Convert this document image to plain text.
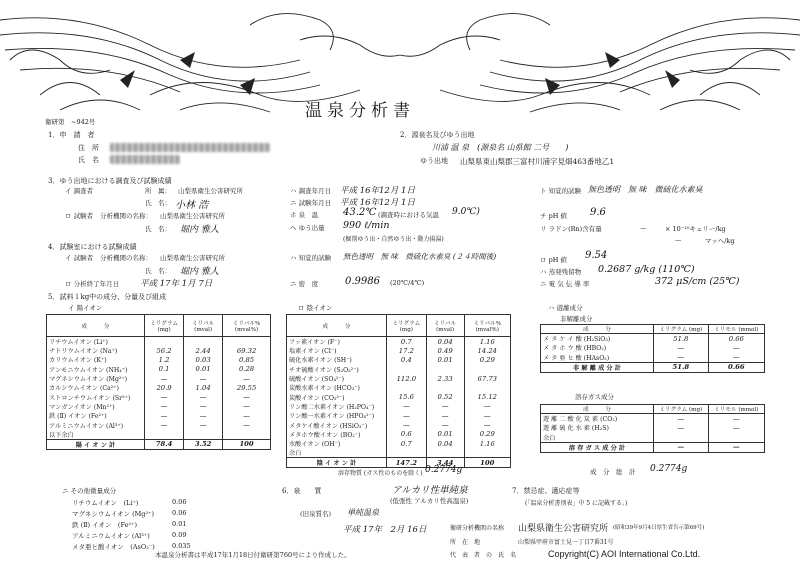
温泉分析書
衛研第　~942号
1．申　請　者
住　所
氏　名
2．源泉名及びゆう出地
川浦 温 泉　(源泉名 山県館 二号　　)
ゆう出地 山梨県東山梨郡三富村川浦字見畑463番地乙1
3．ゆう出地における調査及び試験成績
イ 調査者	所　属： 山梨県衛生公害研究所
氏　名： 小林 浩
ロ 試験者 分析機関の名称： 山梨県衛生公害研究所
氏　名： 堀内 雅人
ハ 調査年月日 平成 16年12月 1日
ニ 試験年月日 平成 16年12月 1日
ホ 泉　温 43.2℃ (調査時における気温 9.0℃)
ヘ ゆう出量 990 ℓ/min
(掘削ゆう出・自然ゆう出・動力揚湯)
ト 知覚的試験 無色透明　無 味　微硫化水素臭
チ pH 値 9.6
リ ラドン(Rn)含有量	—	× 10⁻¹⁰キュリー/kg
—	マッヘ/kg
4．試験室における試験成績
イ 試験者 分析機関の名称： 山梨県衛生公害研究所
氏　名： 堀内 雅人
ロ 分析終了年月日 平成 17年 1月 7日
ハ 知覚的試験 無色透明　無 味　微硫化水素臭 (２４時間後)
ニ 密　度	0.9986 (20℃/4℃)
ロ pH 値 9.54
ハ 蒸発残留物 0.2687 g/kg (110℃)
ニ 電 気 伝 導 率	372 μS/cm (25℃)
5．試料１kg中の成分、分量及び組成
イ 陽イオン	ロ 陰イオン	ハ 遊離成分
非解離成分
溶存ガス成分
成　　　分	ミリグラム (mg)	ミリバル (mval)	ミリバル% (mval%)
リチウムイオン (Li⁺)			
ナトリウムイオン (Na⁺)	56.2	2.44	69.32
カリウムイオン (K⁺)	1.2	0.03	0.85
アンモニウムイオン (NH₄⁺)	0.1	0.01	0.28
マグネシウムイオン (Mg²⁺)	—	—	—
カルシウムイオン (Ca²⁺)	20.9	1.04	29.55
ストロンチウムイオン (Sr²⁺)	—	—	—
マンガンイオン (Mn²⁺)	—	—	—
鉄 (Ⅱ) イオン (Fe²⁺)	—	—	—
アルミニウムイオン (Al³⁺)	—	—	—
以下余白			
陽 イ オ ン 計	78.4	3.52	100
成　　　分	ミリグラム (mg)	ミリバル (mval)	ミリバル% (mval%)
フッ素イオン (F⁻)	0.7	0.04	1.16
塩素イオン (Cl⁻)	17.2	0.49	14.24
硫化水素イオン (SH⁻)	0.4	0.01	0.29
チオ硫酸イオン (S₂O₃²⁻)			
硫酸イオン (SO₄²⁻)	112.0	2.33	67.73
炭酸水素イオン (HCO₃⁻)			
炭酸イオン (CO₃²⁻)	15.6	0.52	15.12
リン酸二水素イオン (H₂PO₄⁻)	—	—	—
リン酸一水素イオン (HPO₄²⁻)	—	—	—
メタケイ酸イオン (HSiO₃⁻)	—	—	—
メタホウ酸イオン (BO₂⁻)	0.6	0.01	0.29
水酸イオン (OH⁻)	0.7	0.04	1.16
余白			
陰 イ オ ン 計	147.2	3.44	100
溶存物質 (ガス性のものを除く) 0.2774g
成　　　分	ミリグラム (mg)	ミリモル (mmol)
メ タ ケ イ 酸 (H₂SiO₃)	51.8	0.66
メ タ ホ ウ 酸 (HBO₂)	—	—
メ タ 亜 ヒ 酸 (HAsO₂)	—	—
非 解 離 成 分 計	51.8	0.66
成　　　分	ミリグラム (mg)	ミリモル (mmol)
遊 離 二 酸 化 炭 素 (CO₂)	—	—
遊 離 硫 化 水 素 (H₂S)	—	—
余白		
溶 存 ガ ス 成 分 計	—	—
成　分　総　計 0.2774g
ニ その他微量成分
リチウムイオン　(Li⁺)	0.06
マグネシウムイオン (Mg²⁺)	0.06
鉄 (Ⅱ) イオン　(Fe²⁺)	0.01
アルミニウムイオン (Al³⁺)	0.09
メタ亜ヒ酸イオン　(AsO₂⁻)	0.035
6．泉　　質	アルカリ性単純泉
(低張性 アルカリ性高温泉)
(旧泉質名) 単純温泉
7．禁忌症、適応症等
(「温泉分析書別表」中 5 に記載する。)
平成 17年　2月 16日	衛研分析機関の名称 山梨県衛生公害研究所 (昭和39年9月4日厚生省告示第69号)
所　在　地	山梨県甲府市富士見一丁目7番31号
代　表　者　の　氏　名
本温泉分析書は平成17年1月18日付衛研第760号により作成した。	Copyright(C) AOI International Co.Ltd.
